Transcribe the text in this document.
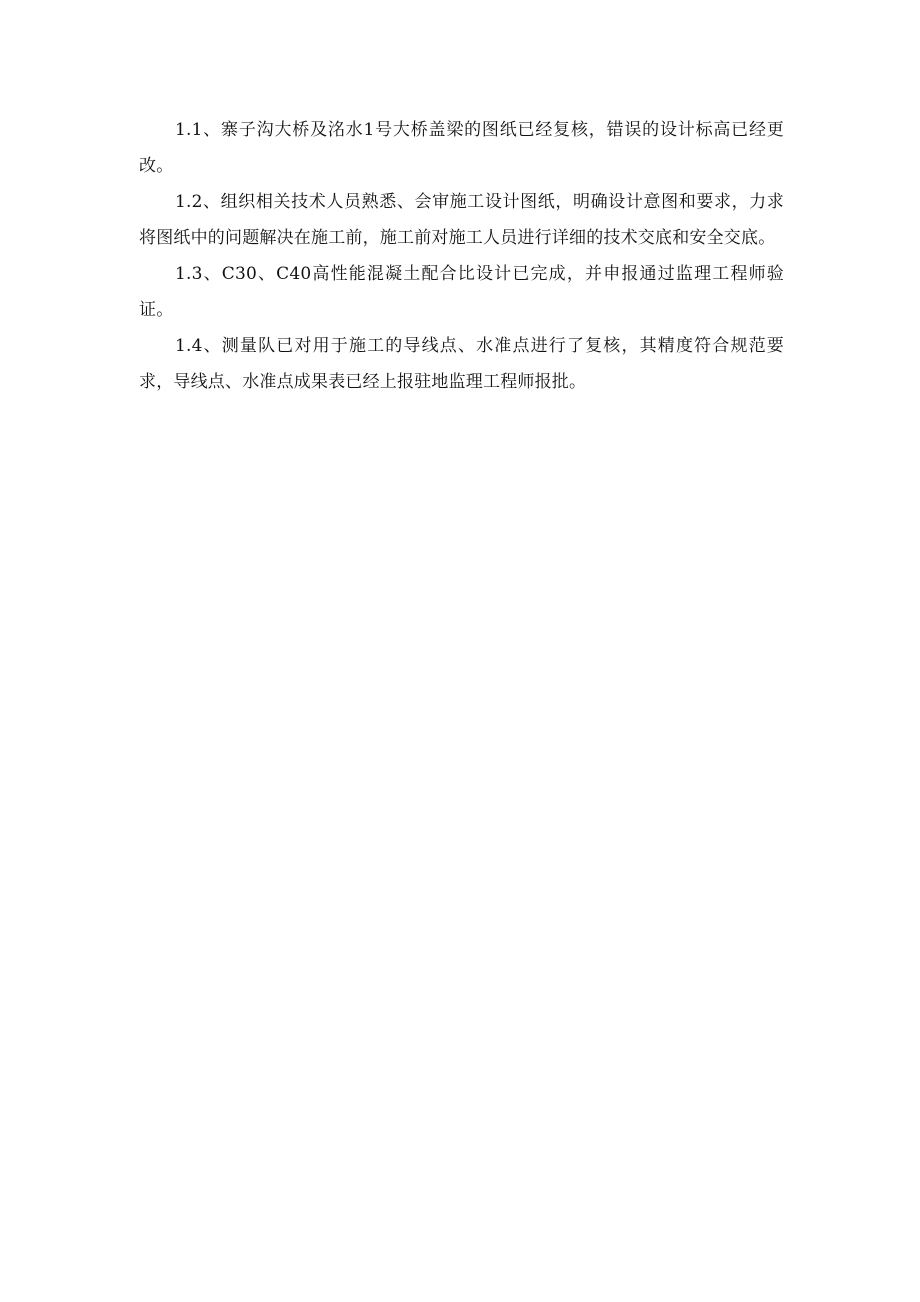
1.1、寨子沟大桥及洺水1号大桥盖梁的图纸已经复核，错误的设计标高已经更改。

1.2、组织相关技术人员熟悉、会审施工设计图纸，明确设计意图和要求，力求将图纸中的问题解决在施工前，施工前对施工人员进行详细的技术交底和安全交底。

1.3、C30、C40高性能混凝土配合比设计已完成，并申报通过监理工程师验证。

1.4、测量队已对用于施工的导线点、水准点进行了复核，其精度符合规范要求，导线点、水准点成果表已经上报驻地监理工程师报批。
